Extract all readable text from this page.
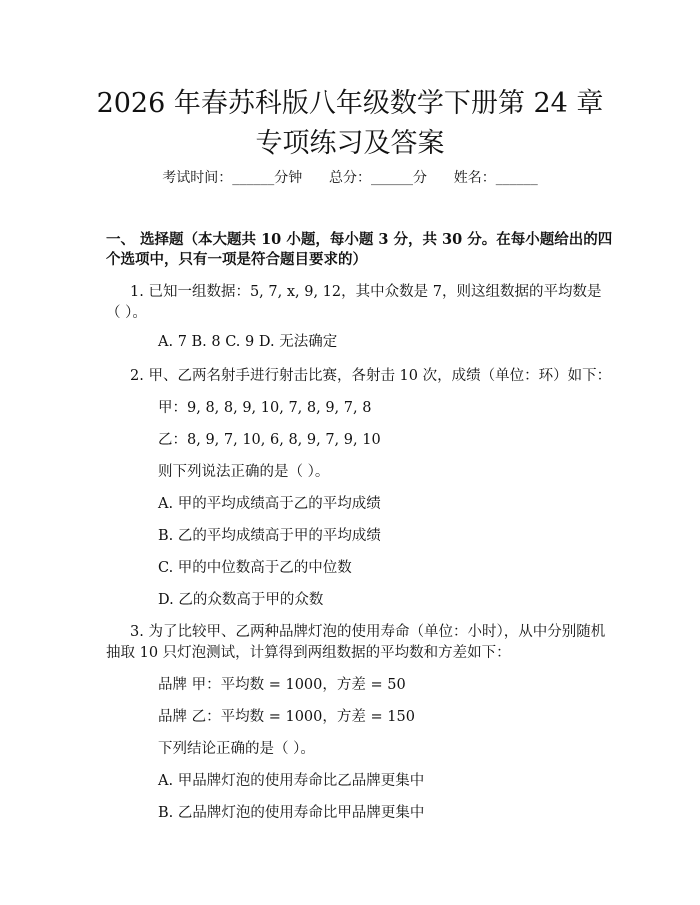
2026 年春苏科版八年级数学下册第 24 章专项练习及答案
考试时间：______分钟      总分：______分      姓名：______

一、 选择题（本大题共 10 小题，每小题 3 分，共 30 分。在每小题给出的四个选项中，只有一项是符合题目要求的）

1. 已知一组数据：5, 7, x, 9, 12，其中众数是 7，则这组数据的平均数是
（ ）。
A. 7 B. 8 C. 9 D. 无法确定
2. 甲、乙两名射手进行射击比赛，各射击 10 次，成绩（单位：环）如下：
甲：9, 8, 8, 9, 10, 7, 8, 9, 7, 8
乙：8, 9, 7, 10, 6, 8, 9, 7, 9, 10
则下列说法正确的是（ ）。
A. 甲的平均成绩高于乙的平均成绩
B. 乙的平均成绩高于甲的平均成绩
C. 甲的中位数高于乙的中位数
D. 乙的众数高于甲的众数
3. 为了比较甲、乙两种品牌灯泡的使用寿命（单位：小时），从中分别随机
抽取 10 只灯泡测试，计算得到两组数据的平均数和方差如下：
品牌 甲：平均数 = 1000，方差 = 50
品牌 乙：平均数 = 1000，方差 = 150
下列结论正确的是（ ）。
A. 甲品牌灯泡的使用寿命比乙品牌更集中
B. 乙品牌灯泡的使用寿命比甲品牌更集中
